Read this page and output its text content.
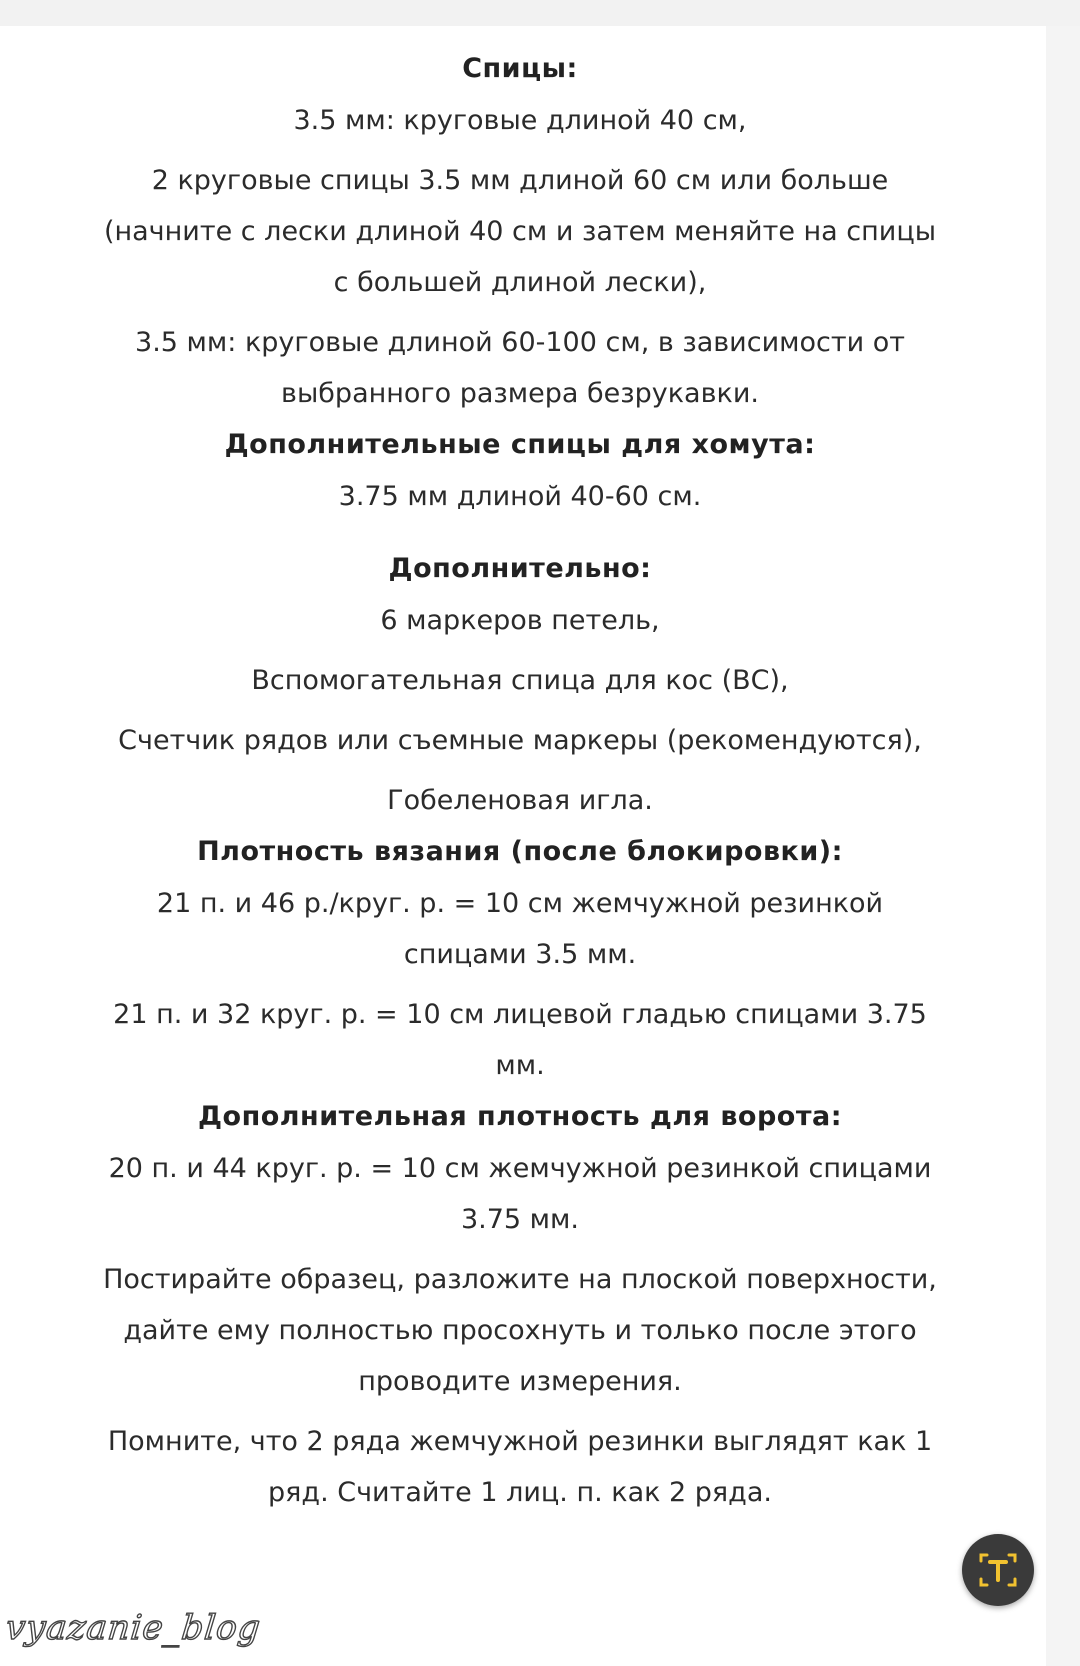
Спицы:

3.5 мм: круговые длиной 40 см,

2 круговые спицы 3.5 мм длиной 60 см или больше

(начните с лески длиной 40 см и затем меняйте на спицы

с большей длиной лески),

3.5 мм: круговые длиной 60-100 см, в зависимости от

выбранного размера безрукавки.

Дополнительные спицы для хомута:

3.75 мм длиной 40-60 см.

Дополнительно:

6 маркеров петель,

Вспомогательная спица для кос (ВС),

Счетчик рядов или съемные маркеры (рекомендуются),

Гобеленовая игла.

Плотность вязания (после блокировки):

21 п. и 46 р./круг. р. = 10 см жемчужной резинкой

спицами 3.5 мм.

21 п. и 32 круг. р. = 10 см лицевой гладью спицами 3.75

мм.

Дополнительная плотность для ворота:

20 п. и 44 круг. р. = 10 см жемчужной резинкой спицами

3.75 мм.

Постирайте образец, разложите на плоской поверхности,

дайте ему полностью просохнуть и только после этого

проводите измерения.

Помните, что 2 ряда жемчужной резинки выглядят как 1

ряд. Считайте 1 лиц. п. как 2 ряда.

vyazanie_blog
